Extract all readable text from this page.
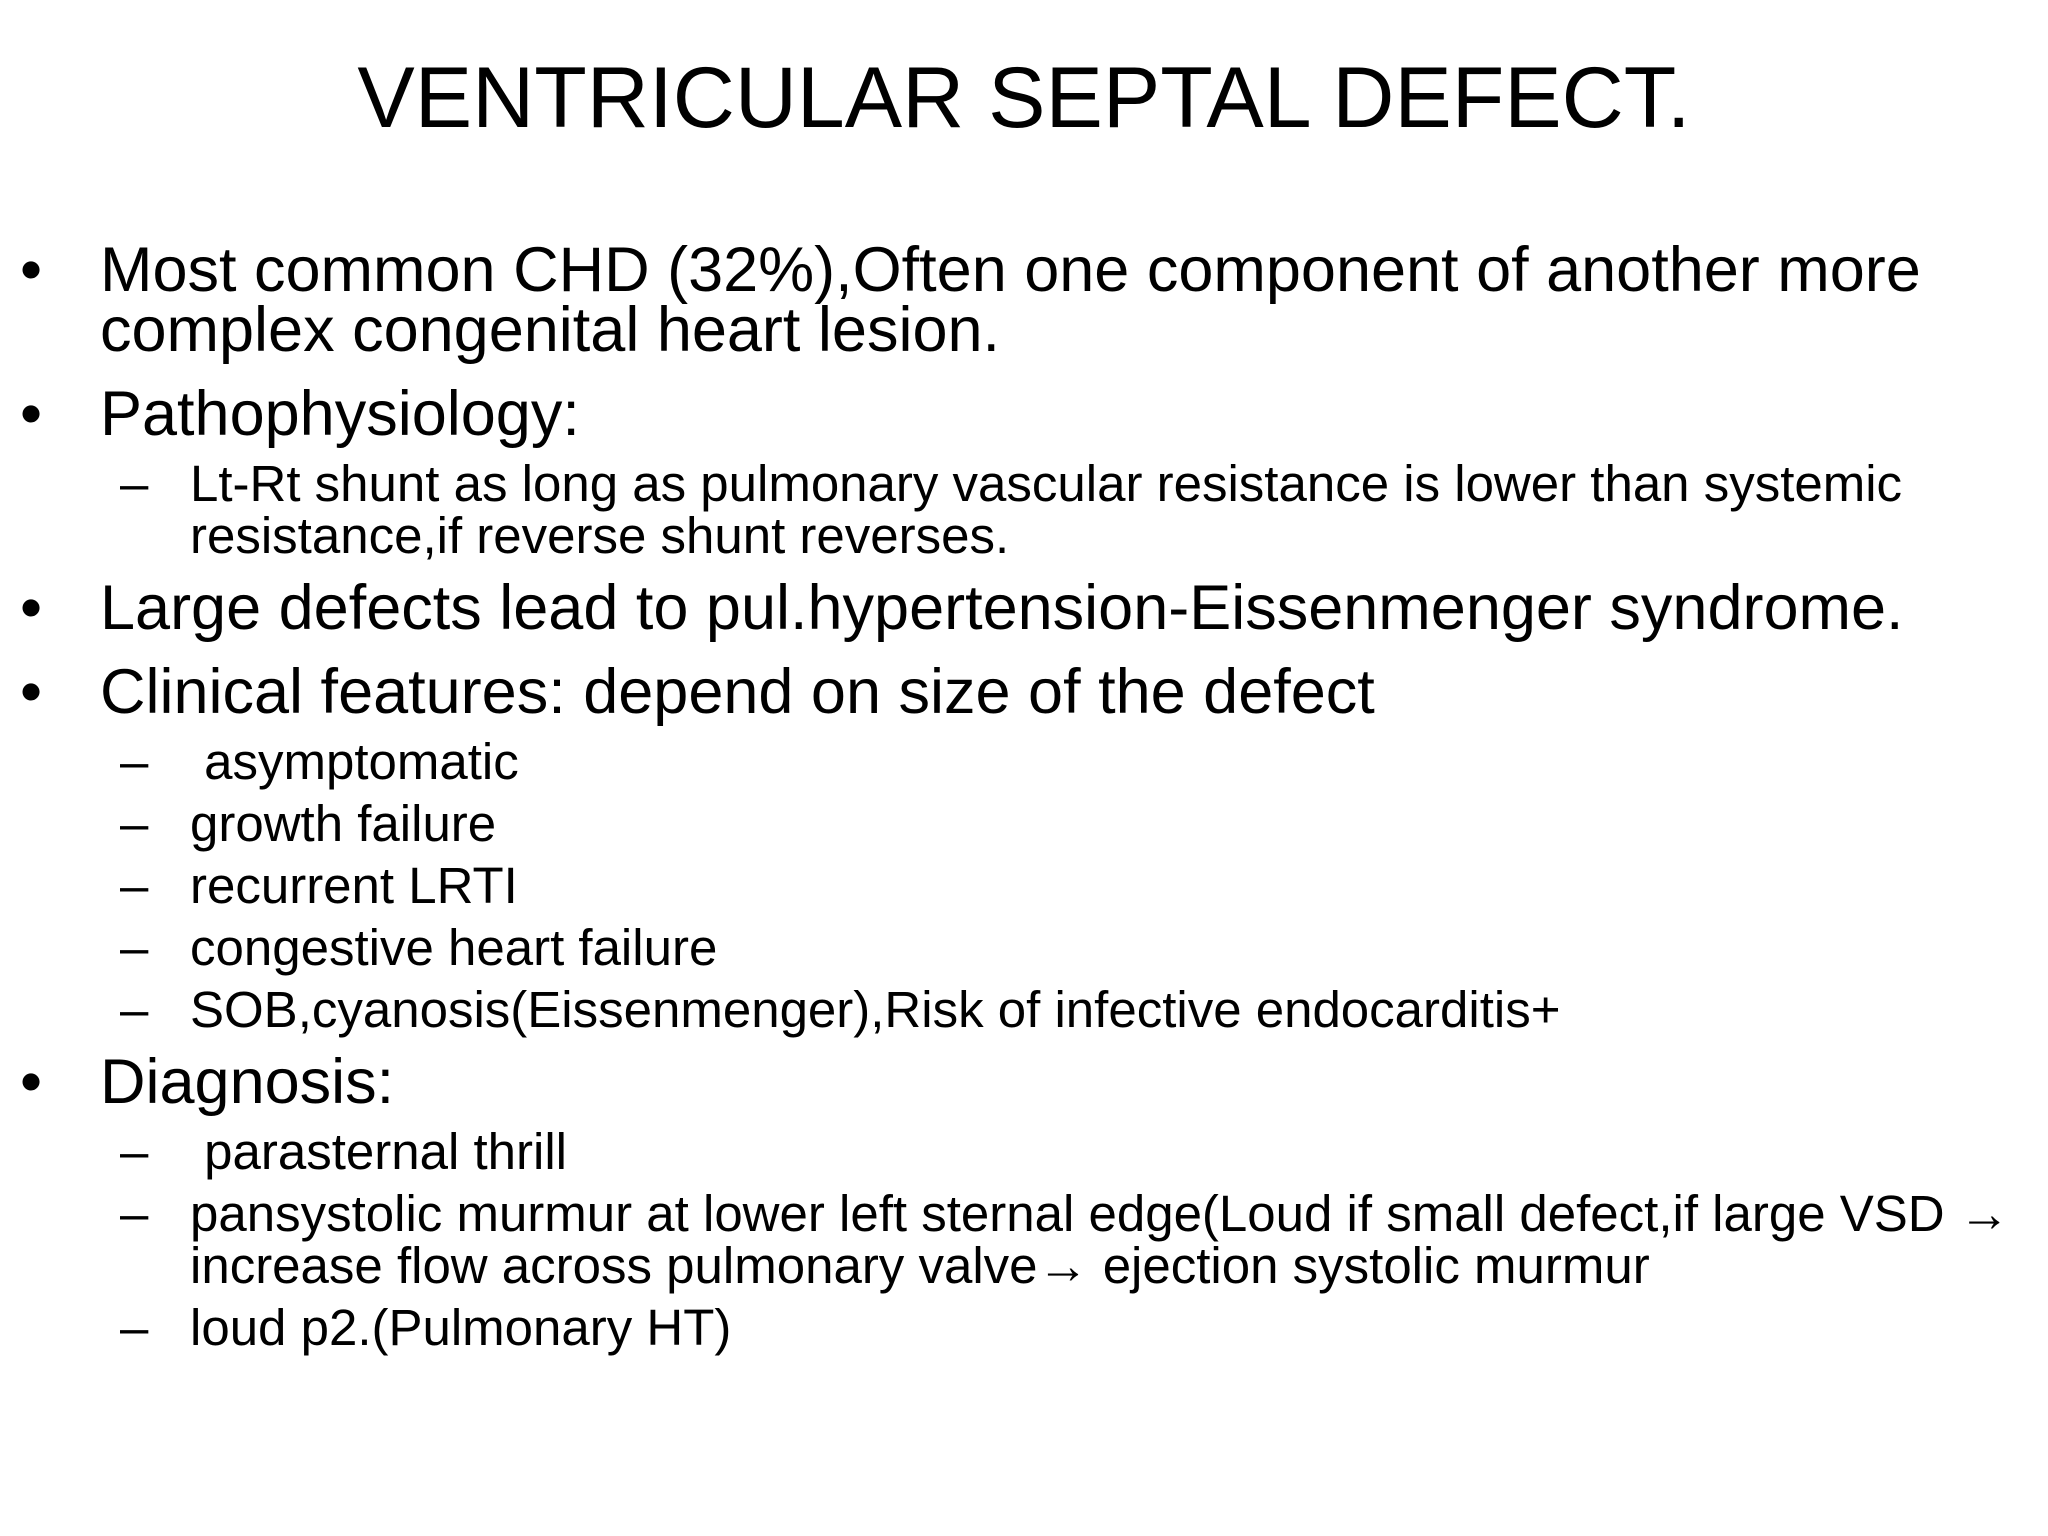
VENTRICULAR SEPTAL DEFECT.
• Most common CHD (32%),Often one component of another more complex congenital heart lesion.
• Pathophysiology:
– Lt-Rt shunt as long as pulmonary vascular resistance is lower than systemic resistance,if reverse shunt reverses.
• Large defects lead to pul.hypertension-Eissenmenger syndrome.
• Clinical features: depend on size of the defect
– asymptomatic
– growth failure
– recurrent LRTI
– congestive heart failure
– SOB,cyanosis(Eissenmenger),Risk of infective endocarditis+
• Diagnosis:
– parasternal thrill
– pansystolic murmur at lower left sternal edge(Loud if small defect,if large VSD → increase flow across pulmonary valve→ ejection systolic murmur
– loud p2.(Pulmonary HT)
